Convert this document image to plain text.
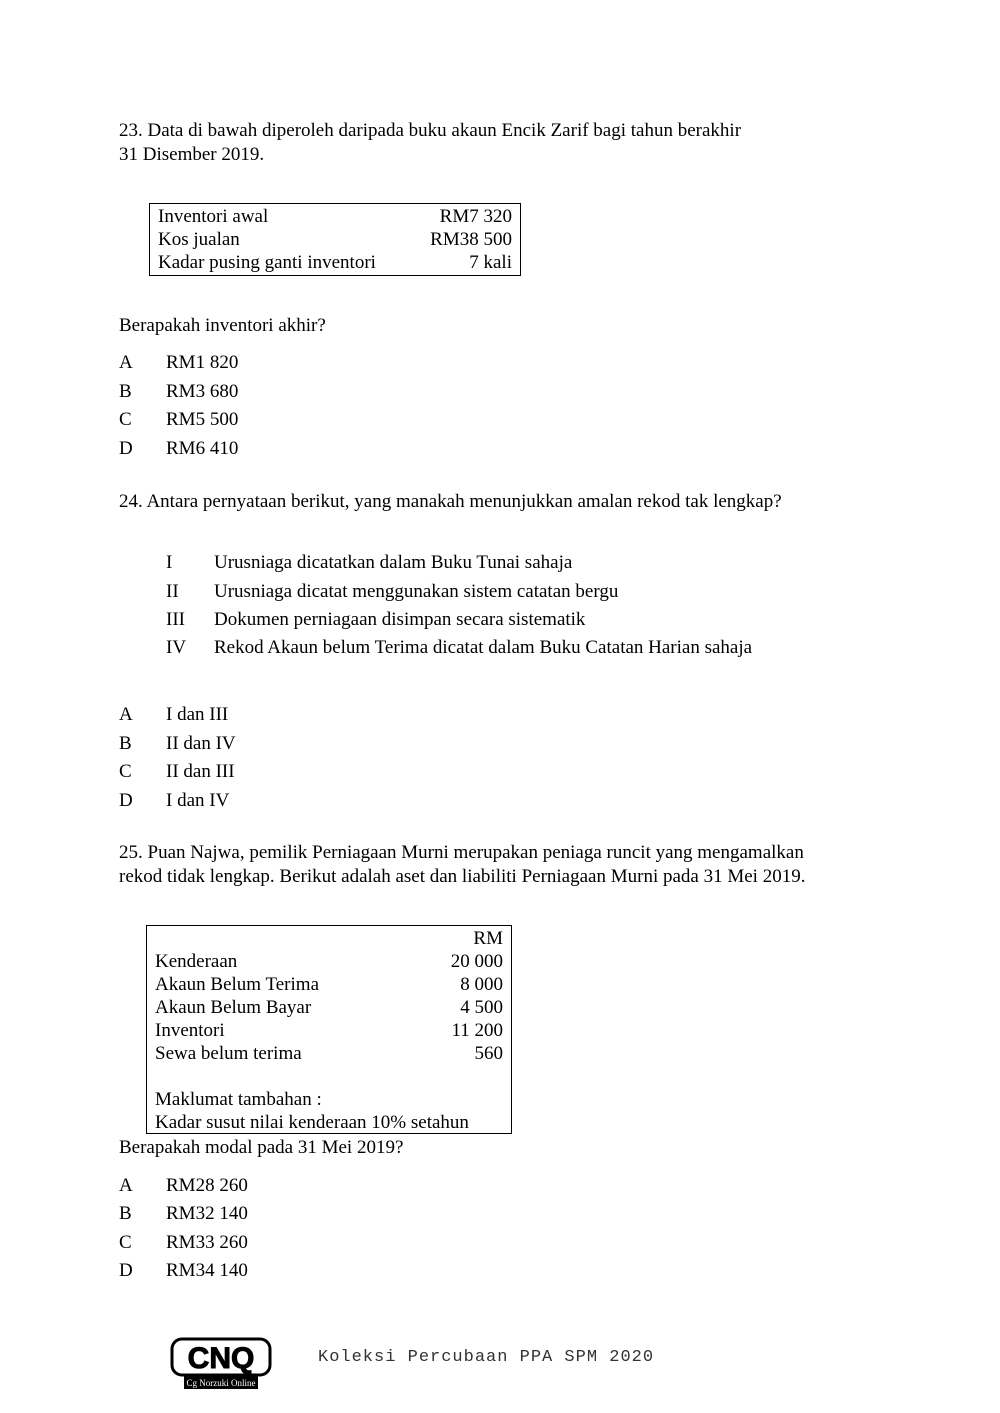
23. Data di bawah diperoleh daripada buku akaun Encik Zarif bagi tahun berakhir
31 Disember 2019.
Inventori awal	RM7 320
Kos jualan	RM38 500
Kadar pusing ganti inventori	7 kali
Berapakah inventori akhir?
A RM1 820
B RM3 680
C RM5 500
D RM6 410
24. Antara pernyataan berikut, yang manakah menunjukkan amalan rekod tak lengkap?
I Urusniaga dicatatkan dalam Buku Tunai sahaja
II Urusniaga dicatat menggunakan sistem catatan bergu
III Dokumen perniagaan disimpan secara sistematik
IV Rekod Akaun belum Terima dicatat dalam Buku Catatan Harian sahaja
A I dan III
B II dan IV
C II dan III
D I dan IV
25. Puan Najwa, pemilik Perniagaan Murni merupakan peniaga runcit yang mengamalkan
rekod tidak lengkap. Berikut adalah aset dan liabiliti Perniagaan Murni pada 31 Mei 2019.
RM
Kenderaan	20 000
Akaun Belum Terima	8 000
Akaun Belum Bayar	4 500
Inventori	11 200
Sewa belum terima	560
Maklumat tambahan :
Kadar susut nilai kenderaan 10% setahun
Berapakah modal pada 31 Mei 2019?
A RM28 260
B RM32 140
C RM33 260
D RM34 140
CNQ
Cg Norzuki Online
Koleksi Percubaan PPA SPM 2020
